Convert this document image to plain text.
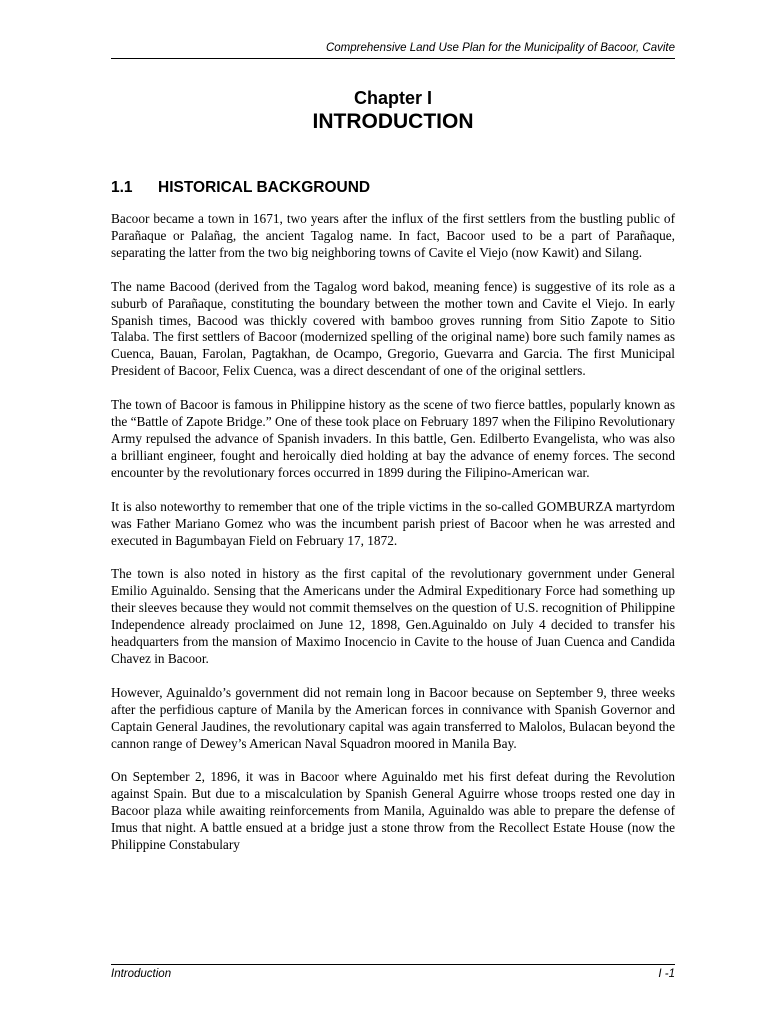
Comprehensive Land Use Plan for the Municipality of Bacoor, Cavite
Chapter I
INTRODUCTION
1.1 HISTORICAL BACKGROUND

Bacoor became a town in 1671, two years after the influx of the first settlers from the bustling public of Parañaque or Palañag, the ancient Tagalog name. In fact, Bacoor used to be a part of Parañaque, separating the latter from the two big neighboring towns of Cavite el Viejo (now Kawit) and Silang.

The name Bacood (derived from the Tagalog word bakod, meaning fence) is suggestive of its role as a suburb of Parañaque, constituting the boundary between the mother town and Cavite el Viejo. In early Spanish times, Bacood was thickly covered with bamboo groves running from Sitio Zapote to Sitio Talaba. The first settlers of Bacoor (modernized spelling of the original name) bore such family names as Cuenca, Bauan, Farolan, Pagtakhan, de Ocampo, Gregorio, Guevarra and Garcia. The first Municipal President of Bacoor, Felix Cuenca, was a direct descendant of one of the original settlers.

The town of Bacoor is famous in Philippine history as the scene of two fierce battles, popularly known as the “Battle of Zapote Bridge.” One of these took place on February 1897 when the Filipino Revolutionary Army repulsed the advance of Spanish invaders. In this battle, Gen. Edilberto Evangelista, who was also a brilliant engineer, fought and heroically died holding at bay the advance of enemy forces. The second encounter by the revolutionary forces occurred in 1899 during the Filipino-American war.

It is also noteworthy to remember that one of the triple victims in the so-called GOMBURZA martyrdom was Father Mariano Gomez who was the incumbent parish priest of Bacoor when he was arrested and executed in Bagumbayan Field on February 17, 1872.

The town is also noted in history as the first capital of the revolutionary government under General Emilio Aguinaldo. Sensing that the Americans under the Admiral Expeditionary Force had something up their sleeves because they would not commit themselves on the question of U.S. recognition of Philippine Independence already proclaimed on June 12, 1898, Gen.Aguinaldo on July 4 decided to transfer his headquarters from the mansion of Maximo Inocencio in Cavite to the house of Juan Cuenca and Candida Chavez in Bacoor.

However, Aguinaldo’s government did not remain long in Bacoor because on September 9, three weeks after the perfidious capture of Manila by the American forces in connivance with Spanish Governor and Captain General Jaudines, the revolutionary capital was again transferred to Malolos, Bulacan beyond the cannon range of Dewey’s American Naval Squadron moored in Manila Bay.

On September 2, 1896, it was in Bacoor where Aguinaldo met his first defeat during the Revolution against Spain. But due to a miscalculation by Spanish General Aguirre whose troops rested one day in Bacoor plaza while awaiting reinforcements from Manila, Aguinaldo was able to prepare the defense of Imus that night. A battle ensued at a bridge just a stone throw from the Recollect Estate House (now the Philippine Constabulary

Introduction	I -1
